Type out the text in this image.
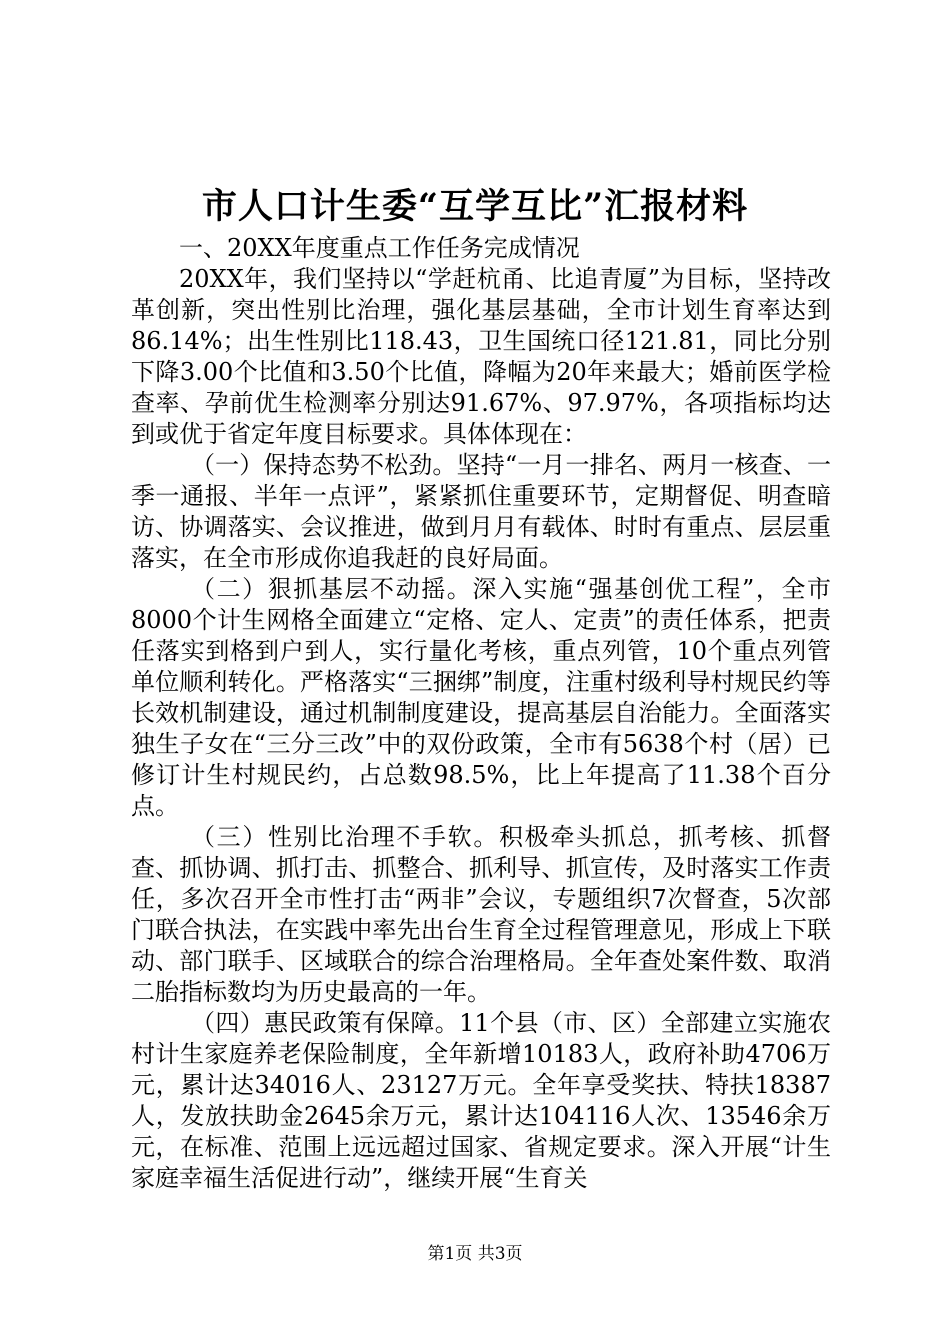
市人口计生委“互学互比”汇报材料

一、20XX年度重点工作任务完成情况

20XX年，我们坚持以“学赶杭甬、比追青厦”为目标，坚持改革创新，突出性别比治理，强化基层基础，全市计划生育率达到86.14%；出生性别比118.43，卫生国统口径121.81，同比分别下降3.00个比值和3.50个比值，降幅为20年来最大；婚前医学检查率、孕前优生检测率分别达91.67%、97.97%，各项指标均达到或优于省定年度目标要求。具体体现在：

（一）保持态势不松劲。坚持“一月一排名、两月一核查、一季一通报、半年一点评”，紧紧抓住重要环节，定期督促、明查暗访、协调落实、会议推进，做到月月有载体、时时有重点、层层重落实，在全市形成你追我赶的良好局面。

（二）狠抓基层不动摇。深入实施“强基创优工程”，全市8000个计生网格全面建立“定格、定人、定责”的责任体系，把责任落实到格到户到人，实行量化考核，重点列管，10个重点列管单位顺利转化。严格落实“三捆绑”制度，注重村级利导村规民约等长效机制建设，通过机制制度建设，提高基层自治能力。全面落实独生子女在“三分三改”中的双份政策，全市有5638个村（居）已修订计生村规民约，占总数98.5%，比上年提高了11.38个百分点。

（三）性别比治理不手软。积极牵头抓总，抓考核、抓督查、抓协调、抓打击、抓整合、抓利导、抓宣传，及时落实工作责任，多次召开全市性打击“两非”会议，专题组织7次督查，5次部门联合执法，在实践中率先出台生育全过程管理意见，形成上下联动、部门联手、区域联合的综合治理格局。全年查处案件数、取消二胎指标数均为历史最高的一年。

（四）惠民政策有保障。11个县（市、区）全部建立实施农村计生家庭养老保险制度，全年新增10183人，政府补助4706万元，累计达34016人、23127万元。全年享受奖扶、特扶18387人，发放扶助金2645余万元，累计达104116人次、13546余万元，在标准、范围上远远超过国家、省规定要求。深入开展“计生家庭幸福生活促进行动”，继续开展“生育关

第1页 共3页
